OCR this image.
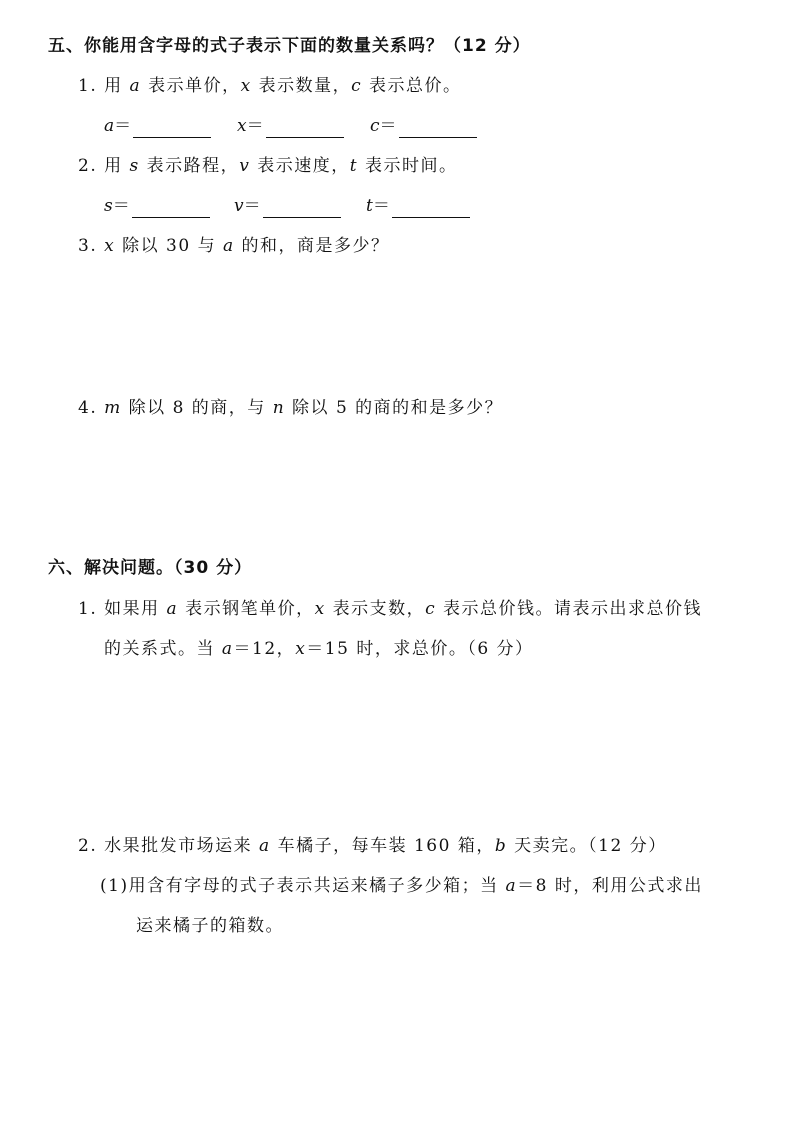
五、你能用含字母的式子表示下面的数量关系吗？（12 分）
1. 用 a 表示单价，x 表示数量，c 表示总价。
a＝	x＝	c＝
2. 用 s 表示路程，v 表示速度，t 表示时间。
s＝	v＝	t＝
3. x 除以 30 与 a 的和，商是多少？
4. m 除以 8 的商，与 n 除以 5 的商的和是多少？
六、解决问题。（30 分）
1. 如果用 a 表示钢笔单价，x 表示支数，c 表示总价钱。请表示出求总价钱
的关系式。当 a＝12，x＝15 时，求总价。（6 分）
2. 水果批发市场运来 a 车橘子，每车装 160 箱，b 天卖完。（12 分）
(1)用含有字母的式子表示共运来橘子多少箱；当 a＝8 时，利用公式求出
运来橘子的箱数。
